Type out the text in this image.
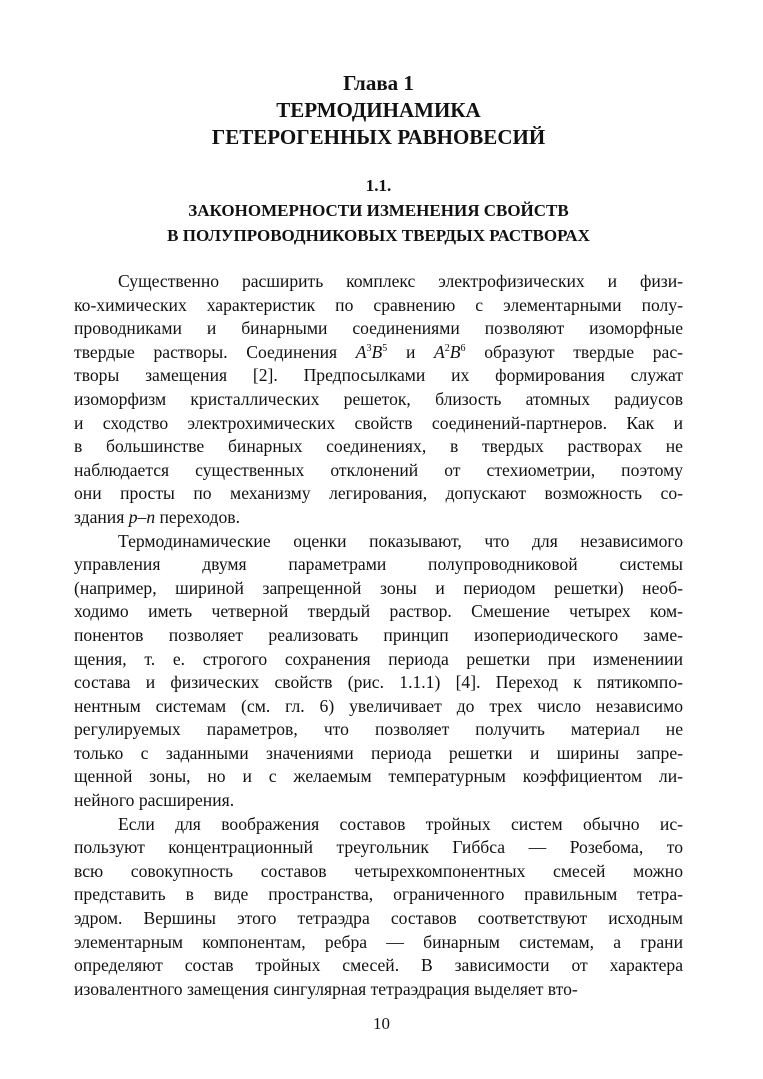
Глава 1
ТЕРМОДИНАМИКА
ГЕТЕРОГЕННЫХ РАВНОВЕСИЙ
1.1.
ЗАКОНОМЕРНОСТИ ИЗМЕНЕНИЯ СВОЙСТВ
В ПОЛУПРОВОДНИКОВЫХ ТВЕРДЫХ РАСТВОРАХ

Существенно расширить комплекс электрофизических и физи-
ко-химических характеристик по сравнению с элементарными полу-
проводниками и бинарными соединениями позволяют изоморфные
твердые растворы. Соединения $A^3B^5$ и $A^2B^6$ образуют твердые рас-
творы замещения [2]. Предпосылками их формирования служат
изоморфизм кристаллических решеток, близость атомных радиусов
и сходство электрохимических свойств соединений-партнеров. Как и
в большинстве бинарных соединениях, в твердых растворах не
наблюдается существенных отклонений от стехиометрии, поэтому
они просты по механизму легирования, допускают возможность со-
здания p–n переходов.

Термодинамические оценки показывают, что для независимого
управления двумя параметрами полупроводниковой системы
(например, шириной запрещенной зоны и периодом решетки) необ-
ходимо иметь четверной твердый раствор. Смешение четырех ком-
понентов позволяет реализовать принцип изопериодического заме-
щения, т. е. строгого сохранения периода решетки при изменениии
состава и физических свойств (рис. 1.1.1) [4]. Переход к пятикомпо-
нентным системам (см. гл. 6) увеличивает до трех число независимо
регулируемых параметров, что позволяет получить материал не
только с заданными значениями периода решетки и ширины запре-
щенной зоны, но и с желаемым температурным коэффициентом ли-
нейного расширения.

Если для воображения составов тройных систем обычно ис-
пользуют концентрационный треугольник Гиббса — Розебома, то
всю совокупность составов четырехкомпонентных смесей можно
представить в виде пространства, ограниченного правильным тетра-
эдром. Вершины этого тетраэдра составов соответствуют исходным
элементарным компонентам, ребра — бинарным системам, а грани
определяют состав тройных смесей. В зависимости от характера
изовалентного замещения сингулярная тетраэдрация выделяет вто-

10
